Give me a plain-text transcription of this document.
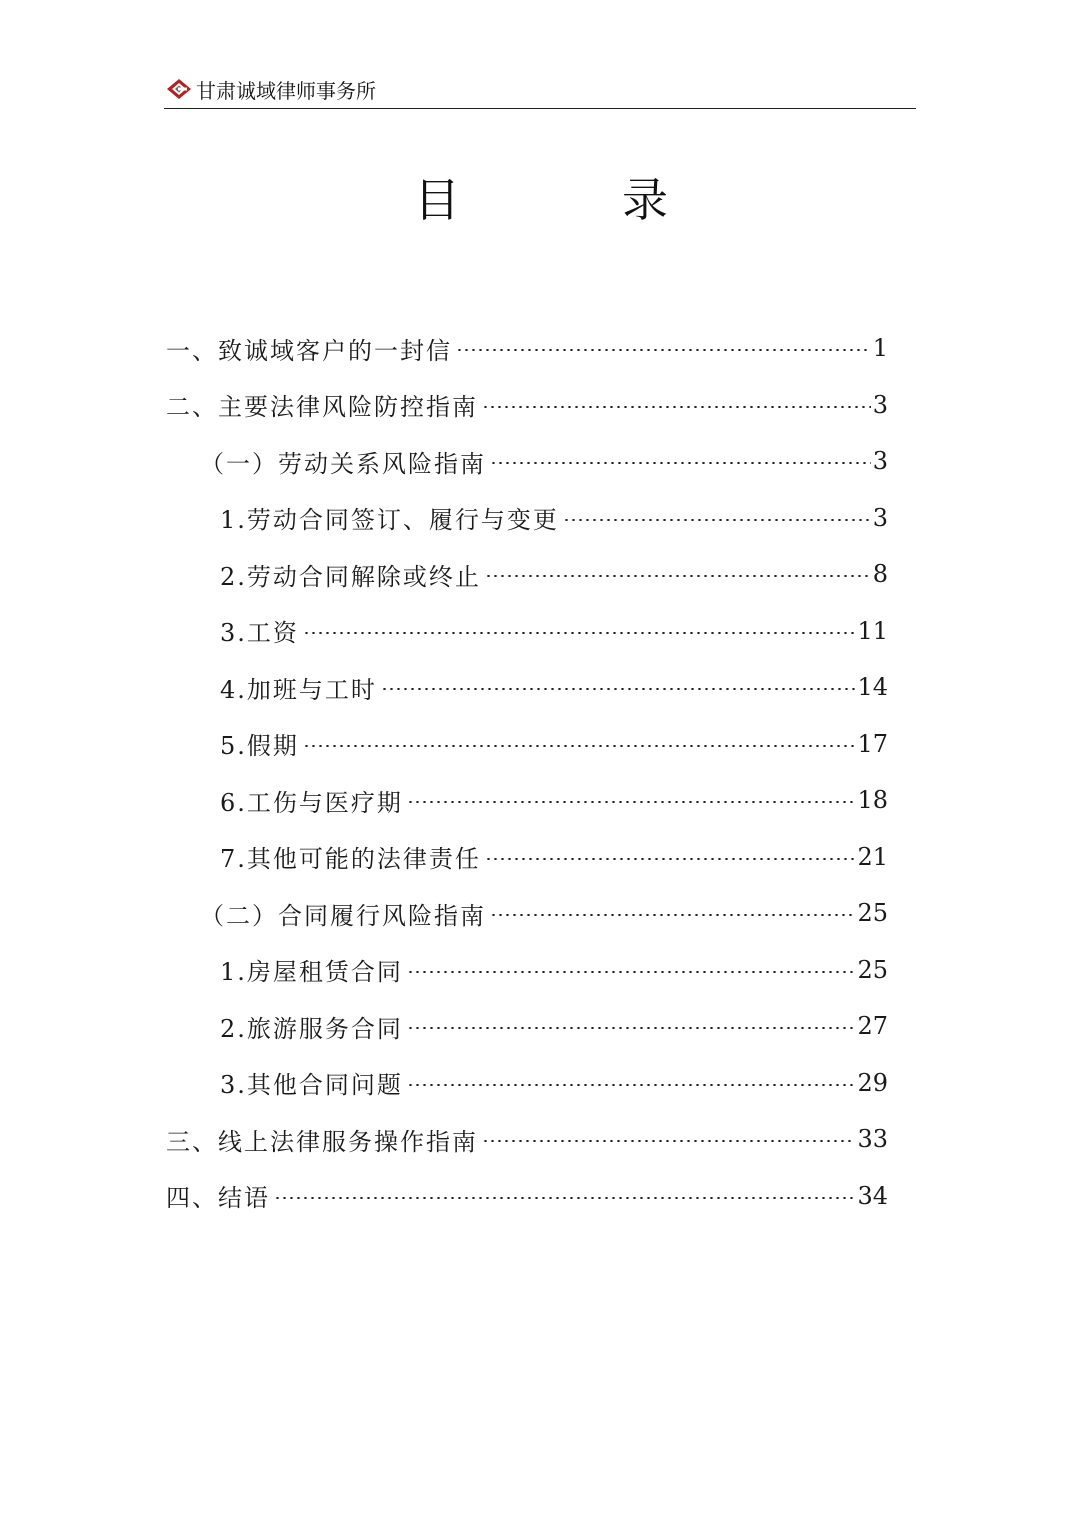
甘肃诚域律师事务所
目	录
一、致诚域客户的一封信	1
二、主要法律风险防控指南	3
（一）劳动关系风险指南	3
1.劳动合同签订、履行与变更	3
2.劳动合同解除或终止	8
3.工资	11
4.加班与工时	14
5.假期	17
6.工伤与医疗期	18
7.其他可能的法律责任	21
（二）合同履行风险指南	25
1.房屋租赁合同	25
2.旅游服务合同	27
3.其他合同问题	29
三、线上法律服务操作指南	33
四、结语	34
